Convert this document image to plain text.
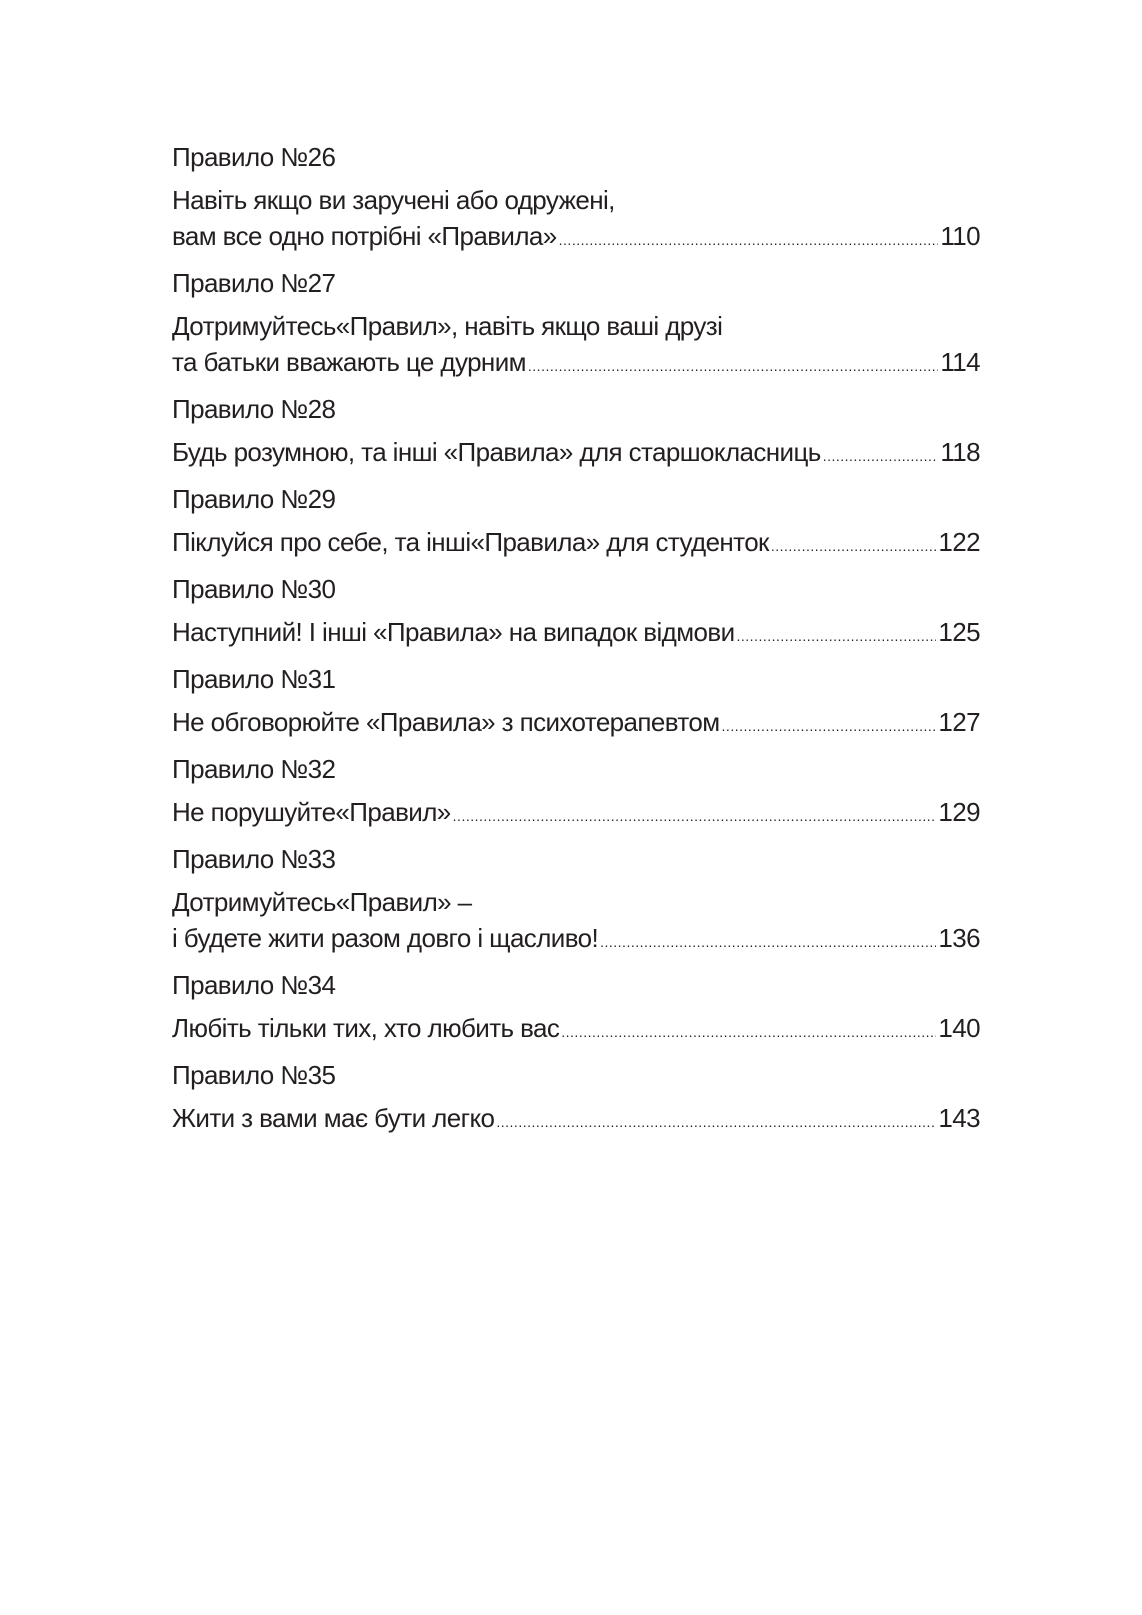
Правило №26
Навіть якщо ви заручені або одружені,
вам все одно потрібні «Правила» .....	110
Правило №27
Дотримуйтесь«Правил», навіть якщо ваші друзі
та батьки вважають це дурним .....	114
Правило №28
Будь розумною, та інші «Правила» для старшокласниць .....	118
Правило №29
Піклуйся про себе, та інші«Правила» для студенток .....	122
Правило №30
Наступний! І інші «Правила» на випадок відмови .....	125
Правило №31
Не обговорюйте «Правила» з психотерапевтом .....	127
Правило №32
Не порушуйте«Правил» .....	129
Правило №33
Дотримуйтесь«Правил» –
і будете жити разом довго і щасливо! .....	136
Правило №34
Любіть тільки тих, хто любить вас .....	140
Правило №35
Жити з вами має бути легко .....	143
